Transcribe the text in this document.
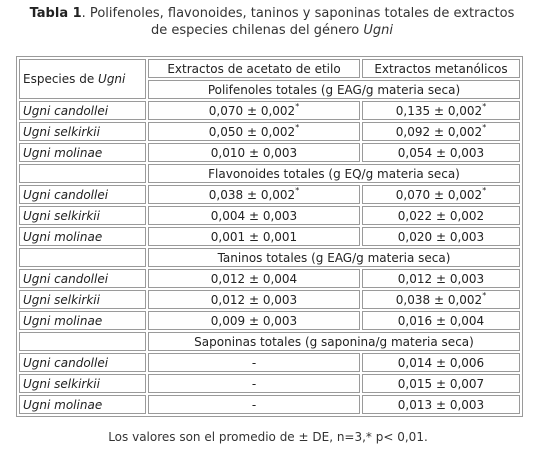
Tabla 1. Polifenoles, flavonoides, taninos y saponinas totales de extractos
de especies chilenas del género Ugni
Especies de Ugni	Extractos de acetato de etilo	Extractos metanólicos
	Polifenoles totales (g EAG/g materia seca)	
Ugni candollei	0,070 ± 0,002*	0,135 ± 0,002*
Ugni selkirkii	0,050 ± 0,002*	0,092 ± 0,002*
Ugni molinae	0,010 ± 0,003	0,054 ± 0,003
	Flavonoides totales (g EQ/g materia seca)	
Ugni candollei	0,038 ± 0,002*	0,070 ± 0,002*
Ugni selkirkii	0,004 ± 0,003	0,022 ± 0,002
Ugni molinae	0,001 ± 0,001	0,020 ± 0,003
	Taninos totales (g EAG/g materia seca)	
Ugni candollei	0,012 ± 0,004	0,012 ± 0,003
Ugni selkirkii	0,012 ± 0,003	0,038 ± 0,002*
Ugni molinae	0,009 ± 0,003	0,016 ± 0,004
	Saponinas totales (g saponina/g materia seca)	
Ugni candollei	-	0,014 ± 0,006
Ugni selkirkii	-	0,015 ± 0,007
Ugni molinae	-	0,013 ± 0,003
Los valores son el promedio de ± DE, n=3,* p< 0,01.
